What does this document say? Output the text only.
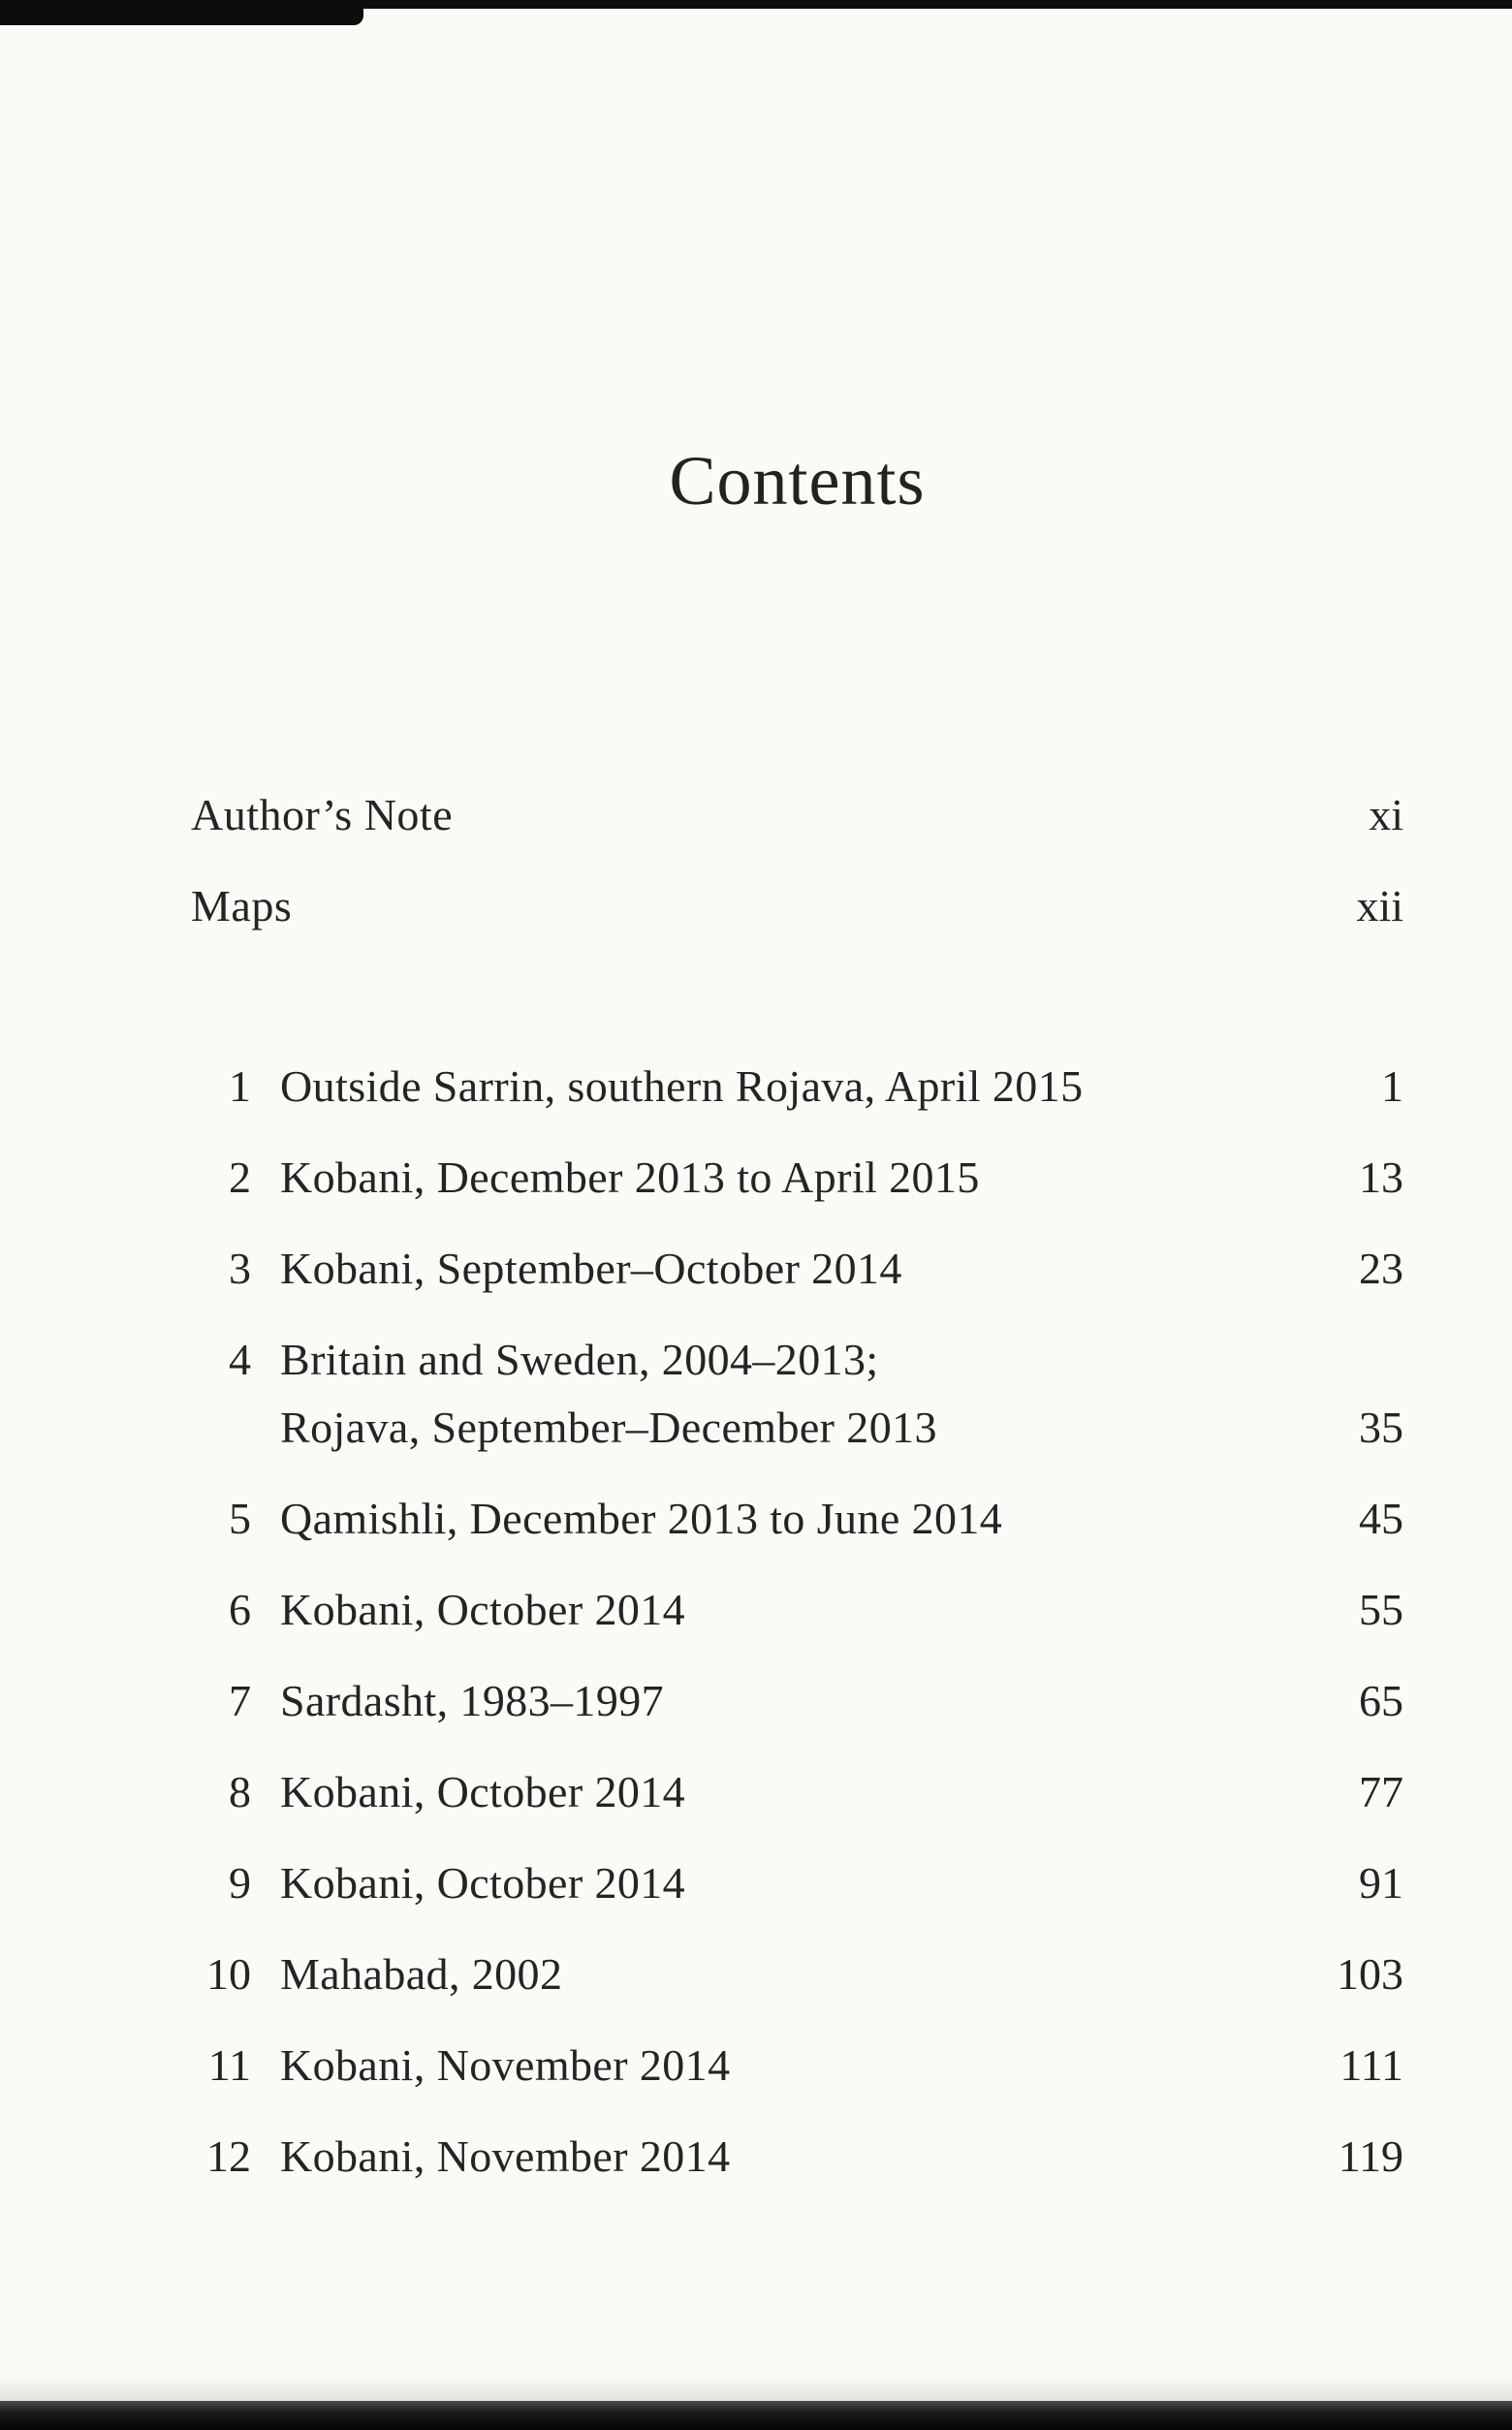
Contents
Author’s Note	xi
Maps	xii
1 Outside Sarrin, southern Rojava, April 2015	1
2 Kobani, December 2013 to April 2015	13
3 Kobani, September–October 2014	23
4 Britain and Sweden, 2004–2013;
Rojava, September–December 2013	35
5 Qamishli, December 2013 to June 2014	45
6 Kobani, October 2014	55
7 Sardasht, 1983–1997	65
8 Kobani, October 2014	77
9 Kobani, October 2014	91
10 Mahabad, 2002	103
11 Kobani, November 2014	111
12 Kobani, November 2014	119
